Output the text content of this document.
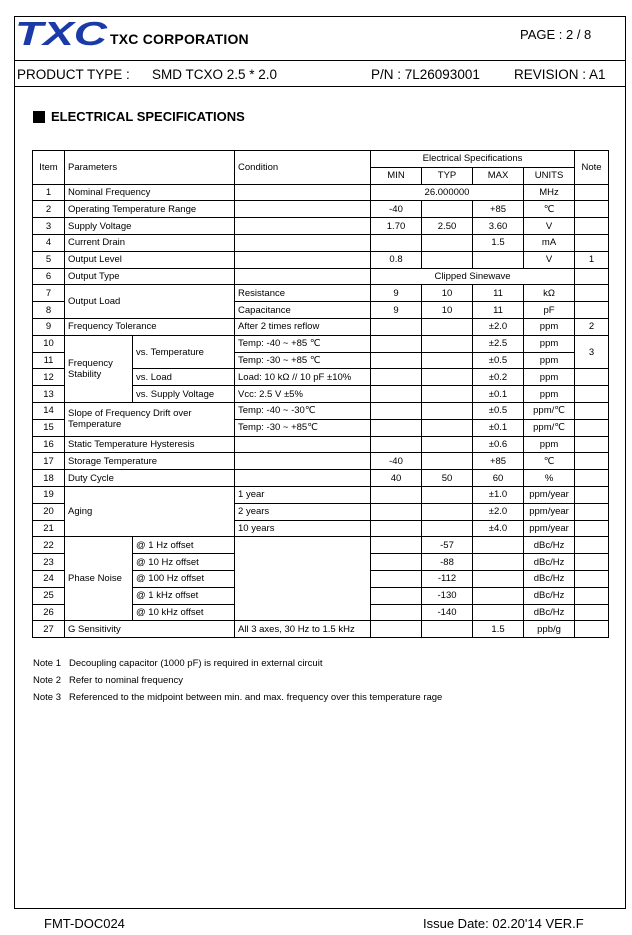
TXC TXC CORPORATION	PAGE : 2 / 8
PRODUCT TYPE : SMD TCXO 2.5 * 2.0	P/N : 7L26093001	REVISION : A1
ELECTRICAL SPECIFICATIONS
Item	Parameters		Condition	Electrical Specifications				Note
				MIN	TYP	MAX	UNITS	
1	Nominal Frequency			26.000000			MHz	
2	Operating Temperature Range			-40		+85	℃	
3	Supply Voltage			1.70	2.50	3.60	V	
4	Current Drain					1.5	mA	
5	Output Level			0.8			V	1
6	Output Type			Clipped Sinewave				
7	Output Load		Resistance	9	10	11	kΩ	
8			Capacitance	9	10	11	pF	
9	Frequency Tolerance		After 2 times reflow			±2.0	ppm	2
10	Frequency Stability	vs. Temperature	Temp: -40 ~ +85 ℃			±2.5	ppm	3
11			Temp: -30 ~ +85 ℃			±0.5	ppm	
12		vs. Load	Load: 10 kΩ // 10 pF ±10%			±0.2	ppm	
13		vs. Supply Voltage	Vcc: 2.5 V ±5%			±0.1	ppm	
14	Slope of Frequency Drift over Temperature		Temp: -40 ~ -30℃			±0.5	ppm/℃	
15			Temp: -30 ~ +85℃			±0.1	ppm/℃	
16	Static Temperature Hysteresis					±0.6	ppm	
17	Storage Temperature			-40		+85	℃	
18	Duty Cycle			40	50	60	%	
19	Aging		1 year			±1.0	ppm/year	
20			2 years			±2.0	ppm/year	
21			10 years			±4.0	ppm/year	
22	Phase Noise	@ 1 Hz offset			-57		dBc/Hz	
23		@ 10 Hz offset			-88		dBc/Hz	
24		@ 100 Hz offset			-112		dBc/Hz	
25		@ 1 kHz offset			-130		dBc/Hz	
26		@ 10 kHz offset			-140		dBc/Hz	
27	G Sensitivity		All 3 axes, 30 Hz to 1.5 kHz			1.5	ppb/g	
Note 1 Decoupling capacitor (1000 pF) is required in external circuit
Note 2 Refer to nominal frequency
Note 3 Referenced to the midpoint between min. and max. frequency over this temperature rage
FMT-DOC024	Issue Date: 02.20'14 VER.F
